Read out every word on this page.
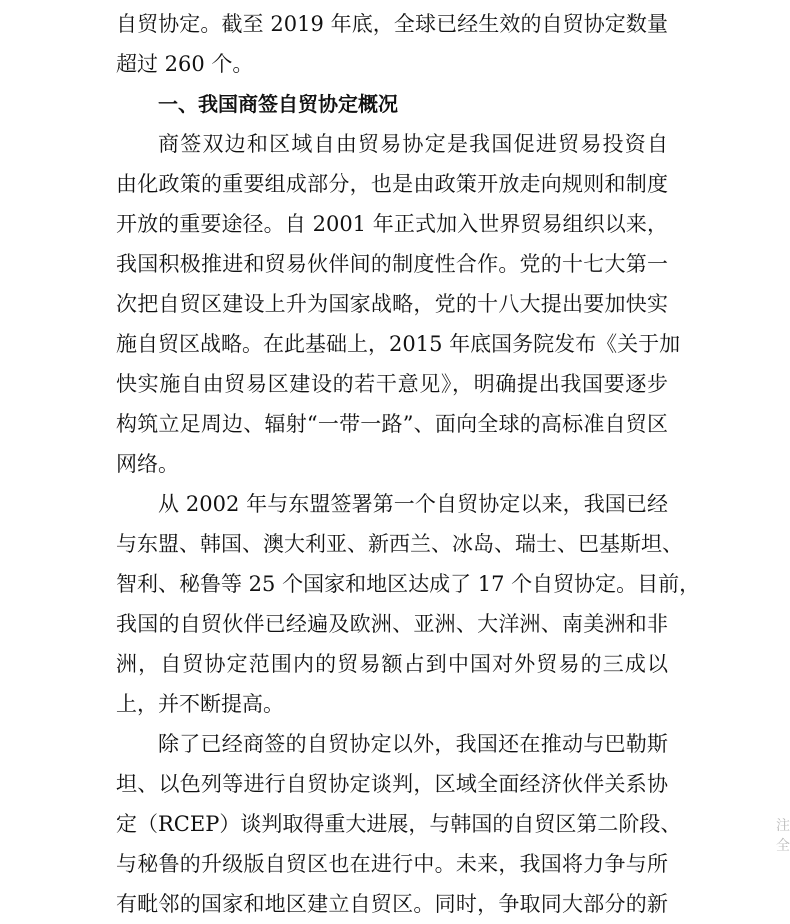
自贸协定。截至 2019 年底，全球已经生效的自贸协定数量
超过 260 个。
一、我国商签自贸协定概况
商签双边和区域自由贸易协定是我国促进贸易投资自
由化政策的重要组成部分，也是由政策开放走向规则和制度
开放的重要途径。自 2001 年正式加入世界贸易组织以来，
我国积极推进和贸易伙伴间的制度性合作。党的十七大第一
次把自贸区建设上升为国家战略，党的十八大提出要加快实
施自贸区战略。在此基础上，2015 年底国务院发布《关于加
快实施自由贸易区建设的若干意见》，明确提出我国要逐步
构筑立足周边、辐射“一带一路”、面向全球的高标准自贸区
网络。
从 2002 年与东盟签署第一个自贸协定以来，我国已经
与东盟、韩国、澳大利亚、新西兰、冰岛、瑞士、巴基斯坦、
智利、秘鲁等 25 个国家和地区达成了 17 个自贸协定。目前，
我国的自贸伙伴已经遍及欧洲、亚洲、大洋洲、南美洲和非
洲，自贸协定范围内的贸易额占到中国对外贸易的三成以
上，并不断提高。
除了已经商签的自贸协定以外，我国还在推动与巴勒斯
坦、以色列等进行自贸协定谈判，区域全面经济伙伴关系协
定（RCEP）谈判取得重大进展，与韩国的自贸区第二阶段、
与秘鲁的升级版自贸区也在进行中。未来，我国将力争与所
有毗邻的国家和地区建立自贸区。同时，争取同大部分的新
注
全
